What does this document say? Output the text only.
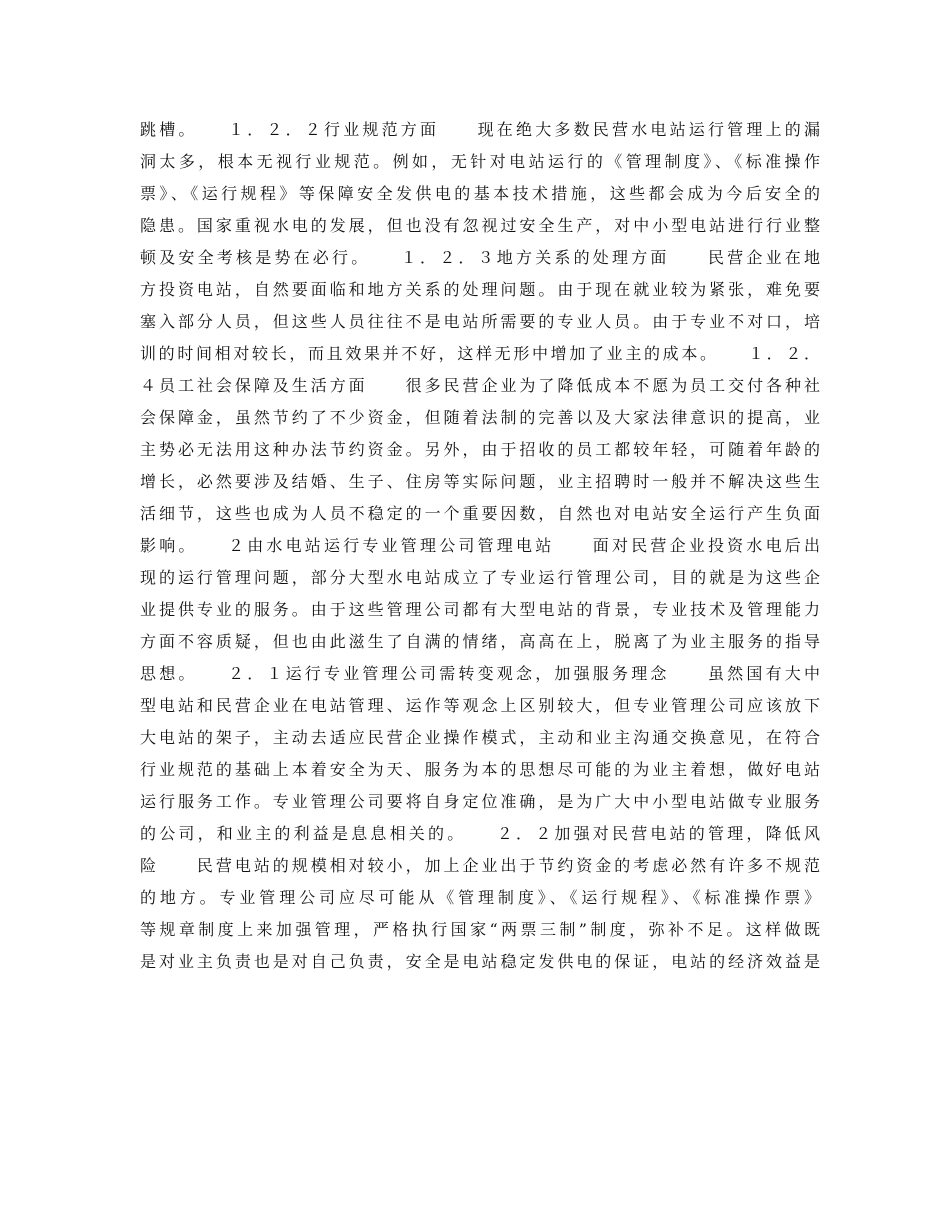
跳槽。　　１．２．２行业规范方面　　现在绝大多数民营水电站运行管理上的漏
洞太多，根本无视行业规范。例如，无针对电站运行的《管理制度》、《标准操作
票》、《运行规程》等保障安全发供电的基本技术措施，这些都会成为今后安全的
隐患。国家重视水电的发展，但也没有忽视过安全生产，对中小型电站进行行业整
顿及安全考核是势在必行。　　１．２．３地方关系的处理方面　　民营企业在地
方投资电站，自然要面临和地方关系的处理问题。由于现在就业较为紧张，难免要
塞入部分人员，但这些人员往往不是电站所需要的专业人员。由于专业不对口，培
训的时间相对较长，而且效果并不好，这样无形中增加了业主的成本。　　１．２．
４员工社会保障及生活方面　　很多民营企业为了降低成本不愿为员工交付各种社
会保障金，虽然节约了不少资金，但随着法制的完善以及大家法律意识的提高，业
主势必无法用这种办法节约资金。另外，由于招收的员工都较年轻，可随着年龄的
增长，必然要涉及结婚、生子、住房等实际问题，业主招聘时一般并不解决这些生
活细节，这些也成为人员不稳定的一个重要因数，自然也对电站安全运行产生负面
影响。　　２由水电站运行专业管理公司管理电站　　面对民营企业投资水电后出
现的运行管理问题，部分大型水电站成立了专业运行管理公司，目的就是为这些企
业提供专业的服务。由于这些管理公司都有大型电站的背景，专业技术及管理能力
方面不容质疑，但也由此滋生了自满的情绪，高高在上，脱离了为业主服务的指导
思想。　　２．１运行专业管理公司需转变观念，加强服务理念　　虽然国有大中
型电站和民营企业在电站管理、运作等观念上区别较大，但专业管理公司应该放下
大电站的架子，主动去适应民营企业操作模式，主动和业主沟通交换意见，在符合
行业规范的基础上本着安全为天、服务为本的思想尽可能的为业主着想，做好电站
运行服务工作。专业管理公司要将自身定位准确，是为广大中小型电站做专业服务
的公司，和业主的利益是息息相关的。　　２．２加强对民营电站的管理，降低风
险　　民营电站的规模相对较小，加上企业出于节约资金的考虑必然有许多不规范
的地方。专业管理公司应尽可能从《管理制度》、《运行规程》、《标准操作票》
等规章制度上来加强管理，严格执行国家“两票三制”制度，弥补不足。这样做既
是对业主负责也是对自己负责，安全是电站稳定发供电的保证，电站的经济效益是
